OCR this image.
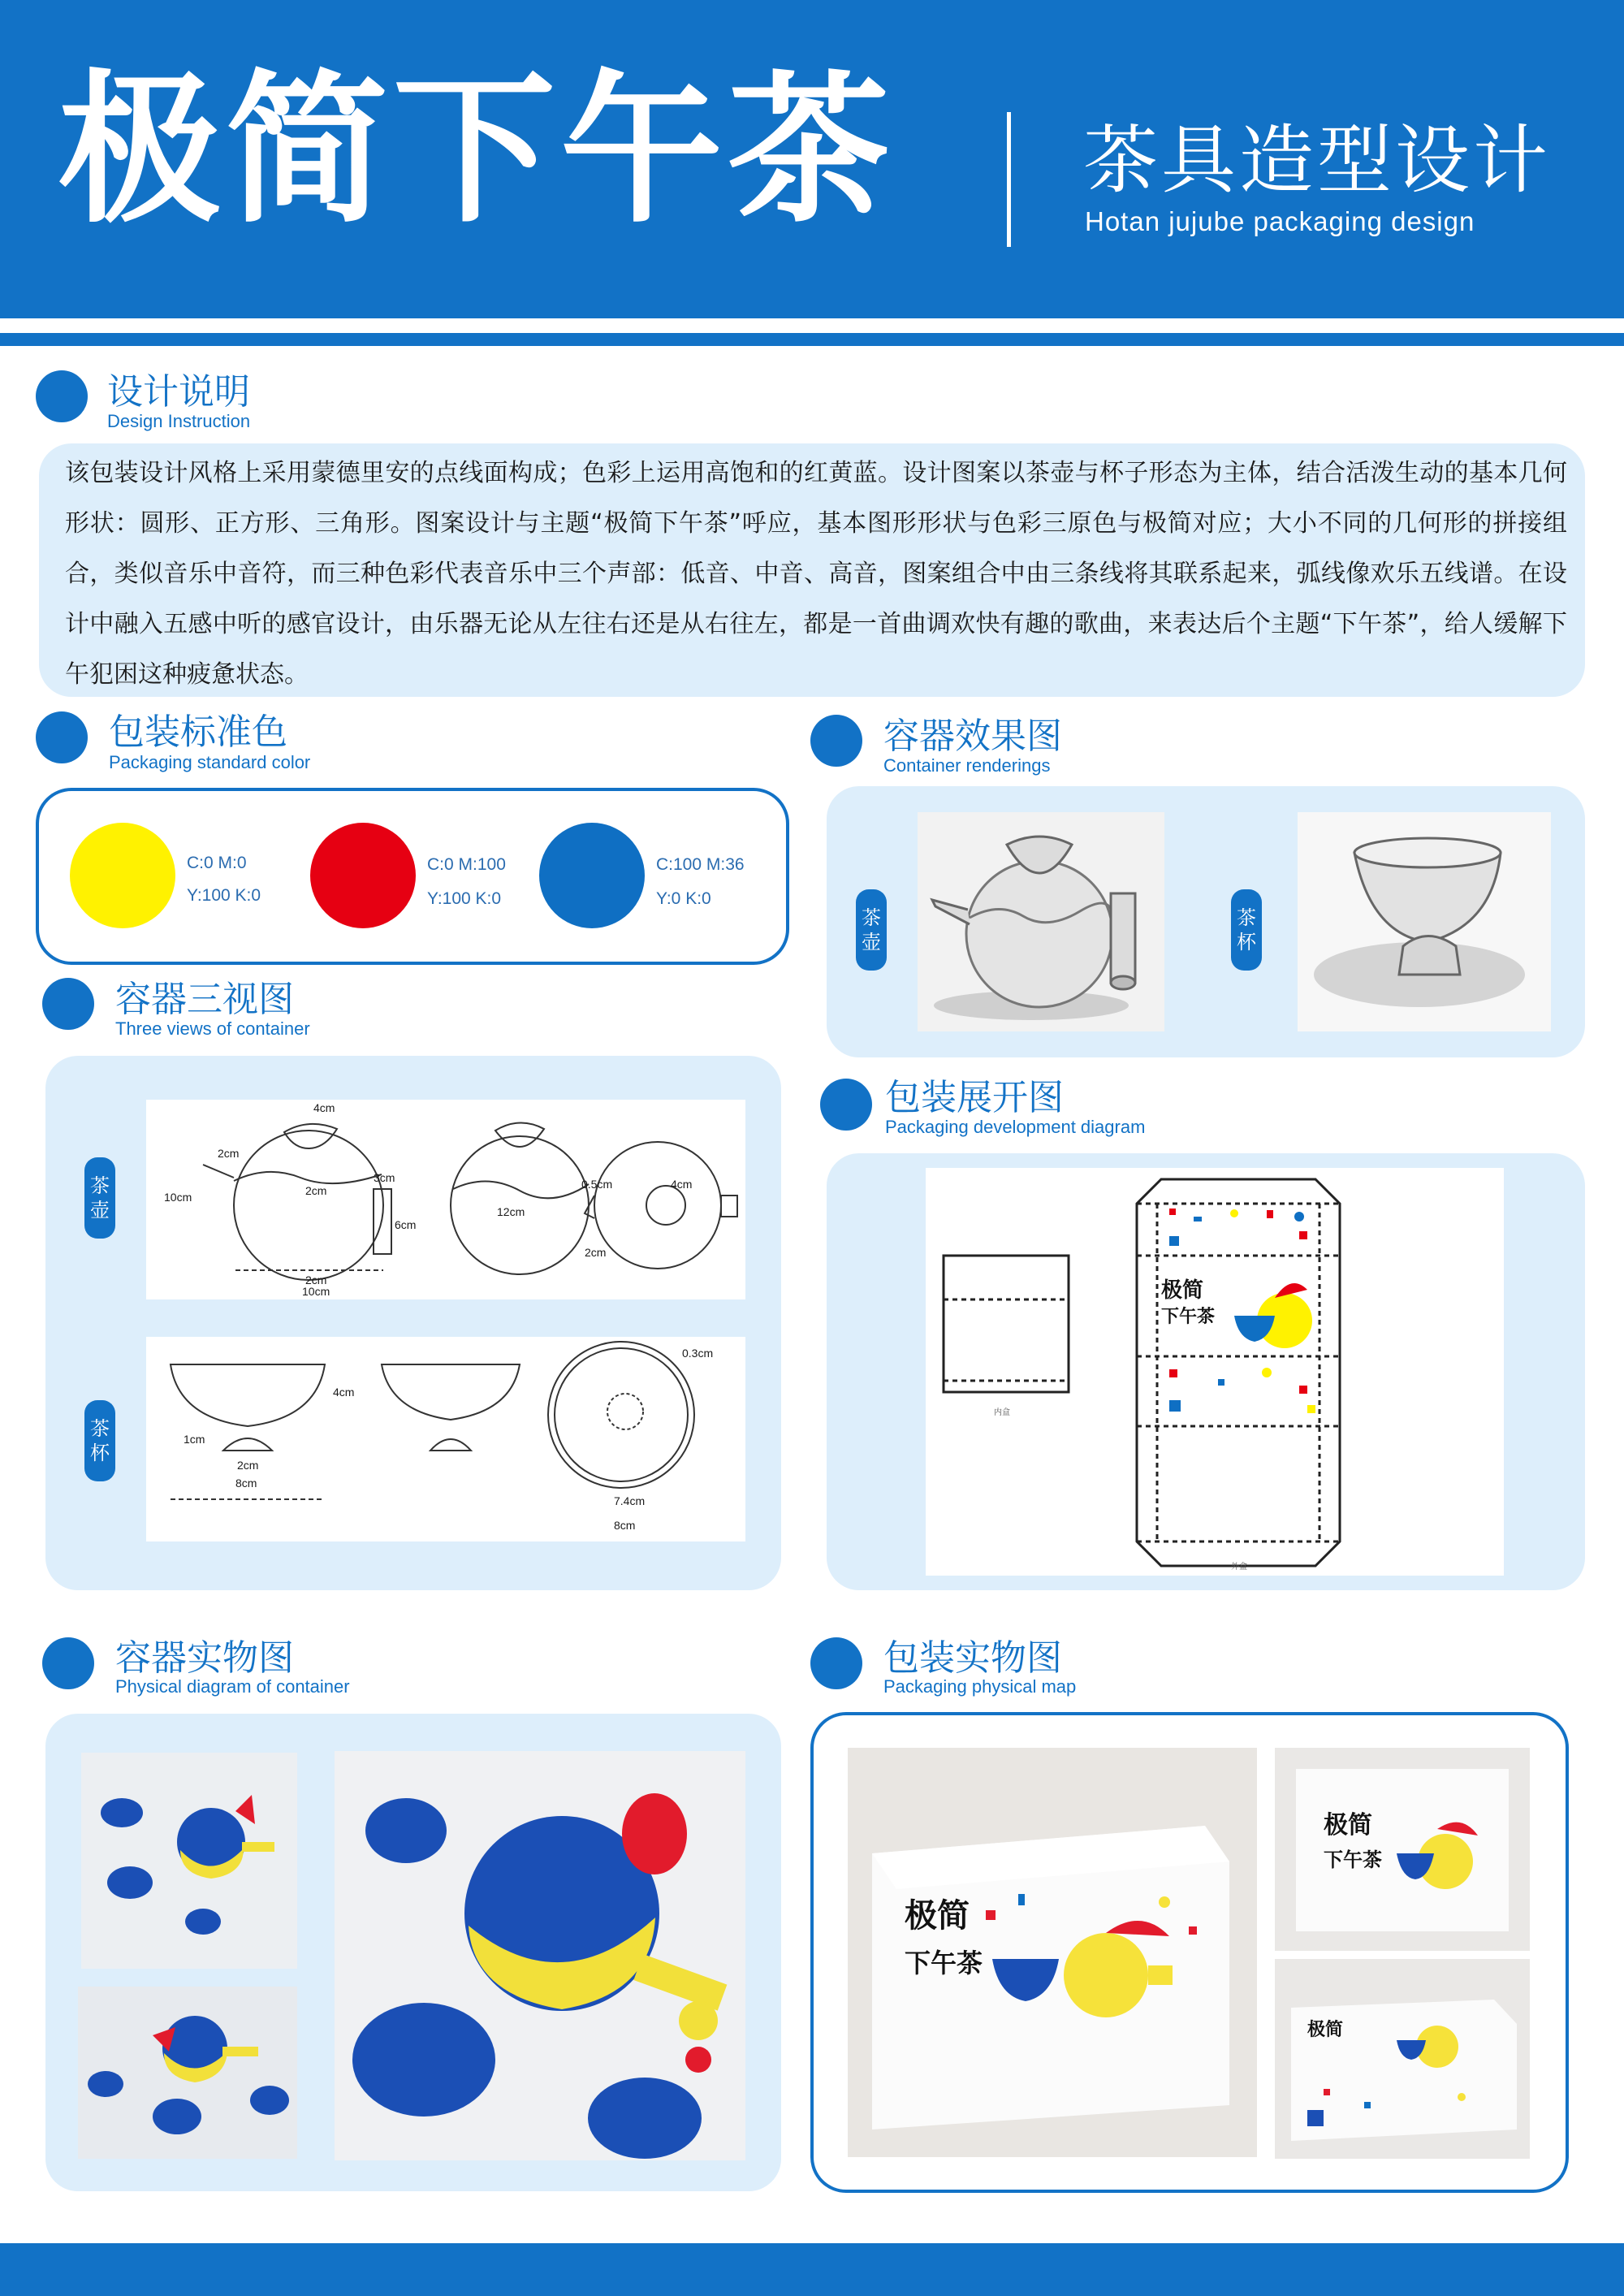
极简下午茶	茶具造型设计
Hotan jujube packaging design
设计说明
Design Instruction
该包装设计风格上采用蒙德里安的点线面构成；色彩上运用高饱和的红黄蓝。设计图案以茶壶与杯子形态为主体，结合活泼生动的基本几何形状：圆形、正方形、三角形。图案设计与主题“极简下午茶”呼应，基本图形形状与色彩三原色与极简对应；大小不同的几何形的拼接组合，类似音乐中音符，而三种色彩代表音乐中三个声部：低音、中音、高音，图案组合中由三条线将其联系起来，弧线像欢乐五线谱。在设计中融入五感中听的感官设计，由乐器无论从左往右还是从右往左，都是一首曲调欢快有趣的歌曲，来表达后个主题“下午茶”，给人缓解下午犯困这种疲惫状态。
包装标准色
Packaging standard color
C:0 M:0
Y:100 K:0
C:0 M:100
Y:100 K:0
C:100 M:36
Y:0 K:0
容器效果图
Container renderings
茶壶
茶杯
容器三视图
Three views of container
茶壶
4cm
10cm
2cm
3cm
2cm
6cm
2cm
10cm
0.5cm	4cm
12cm
2cm
茶杯
4cm
1cm
2cm
8cm
0.3cm
7.4cm
8cm
包装展开图
Packaging development diagram
极简
下午茶
内盒
外盒
容器实物图
Physical diagram of container
包装实物图
Packaging physical map
极简
下午茶
极简
下午茶
极简
